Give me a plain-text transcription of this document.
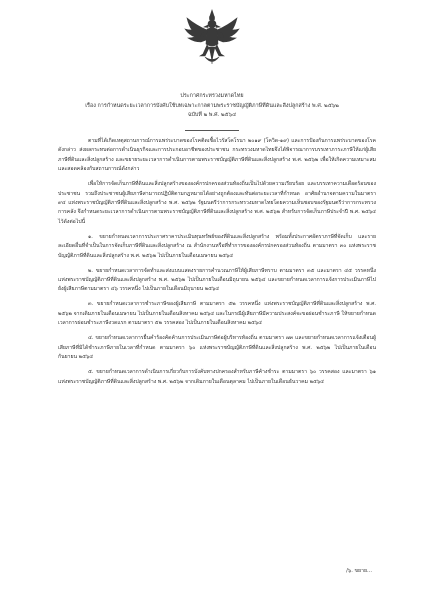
ประกาศกระทรวงมหาดไทย
เรื่อง การกำหนดระยะเวลาการบังคับใช้บทเฉพาะกาลตามพระราชบัญญัติภาษีที่ดินและสิ่งปลูกสร้าง พ.ศ. ๒๕๖๒
ฉบับที่ ๒ พ.ศ. ๒๕๖๔

ตามที่ได้เกิดเหตุสถานการณ์การแพร่ระบาดของโรคติดเชื้อไวรัสโคโรนา ๒๐๑๙ (โควิด-๑๙) และการป้องกันการแพร่ระบาดของโรคดังกล่าว ส่งผลกระทบต่อการดำเนินธุรกิจและการประกอบอาชีพของประชาชน กระทรวงมหาดไทยจึงได้พิจารณาการบรรเทาภาระภาษีให้แก่ผู้เสียภาษีที่ดินและสิ่งปลูกสร้าง และขยายระยะเวลาการดำเนินการตามพระราชบัญญัติภาษีที่ดินและสิ่งปลูกสร้าง พ.ศ. ๒๕๖๒ เพื่อให้เกิดความเหมาะสมและสอดคล้องกับสถานการณ์ดังกล่าว

เพื่อให้การจัดเก็บภาษีที่ดินและสิ่งปลูกสร้างขององค์กรปกครองส่วนท้องถิ่นเป็นไปด้วยความเรียบร้อย และบรรเทาความเดือดร้อนของประชาชน รวมถึงประชาชนผู้เสียภาษีสามารถปฏิบัติตามกฎหมายได้อย่างถูกต้องและทันต่อระยะเวลาที่กำหนด อาศัยอำนาจตามความในมาตรา ๙๔ แห่งพระราชบัญญัติภาษีที่ดินและสิ่งปลูกสร้าง พ.ศ. ๒๕๖๒ รัฐมนตรีว่าการกระทรวงมหาดไทยโดยความเห็นชอบของรัฐมนตรีว่าการกระทรวงการคลัง จึงกำหนดระยะเวลาการดำเนินการตามพระราชบัญญัติภาษีที่ดินและสิ่งปลูกสร้าง พ.ศ. ๒๕๖๒ สำหรับการจัดเก็บภาษีประจำปี พ.ศ. ๒๕๖๔ ไว้ดังต่อไปนี้

๑. ขยายกำหนดเวลาการประกาศราคาประเมินทุนทรัพย์ของที่ดินและสิ่งปลูกสร้าง พร้อมทั้งประกาศอัตราภาษีที่จัดเก็บ และรายละเอียดอื่นที่จำเป็นในการจัดเก็บภาษีที่ดินและสิ่งปลูกสร้าง ณ สำนักงานหรือที่ทำการขององค์กรปกครองส่วนท้องถิ่น ตามมาตรา ๓๐ แห่งพระราชบัญญัติภาษีที่ดินและสิ่งปลูกสร้าง พ.ศ. ๒๕๖๒ ไปเป็นภายในเดือนเมษายน ๒๕๖๔

๒. ขยายกำหนดเวลาการจัดทำและส่งแบบแสดงรายการคำนวณภาษีให้ผู้เสียภาษีทราบ ตามมาตรา ๓๕ และมาตรา ๔๕ วรรคหนึ่ง แห่งพระราชบัญญัติภาษีที่ดินและสิ่งปลูกสร้าง พ.ศ. ๒๕๖๒ ไปเป็นภายในเดือนมิถุนายน ๒๕๖๔ และขยายกำหนดเวลาการแจ้งการประเมินภาษีไปยังผู้เสียภาษีตามมาตรา ๔๖ วรรคหนึ่ง ไปเป็นภายในเดือนมิถุนายน ๒๕๖๔

๓. ขยายกำหนดเวลาการชำระภาษีของผู้เสียภาษี ตามมาตรา ๕๒ วรรคหนึ่ง แห่งพระราชบัญญัติภาษีที่ดินและสิ่งปลูกสร้าง พ.ศ. ๒๕๖๒ จากเดิมภายในเดือนเมษายน ไปเป็นภายในเดือนสิงหาคม ๒๕๖๔ และในกรณีผู้เสียภาษีมีความประสงค์จะขอผ่อนชำระภาษี ให้ขยายกำหนดเวลาการผ่อนชำระภาษีงวดแรก ตามมาตรา ๕๒ วรรคสอง ไปเป็นภายในเดือนสิงหาคม ๒๕๖๔

๔. ขยายกำหนดเวลาการยื่นคำร้องคัดค้านการประเมินภาษีต่อผู้บริหารท้องถิ่น ตามมาตรา ๗๓ และขยายกำหนดเวลาการแจ้งเตือนผู้เสียภาษีที่มิได้ชำระภาษีภายในเวลาที่กำหนด ตามมาตรา ๖๐ แห่งพระราชบัญญัติภาษีที่ดินและสิ่งปลูกสร้าง พ.ศ. ๒๕๖๒ ไปเป็นภายในเดือนกันยายน ๒๕๖๔

๕. ขยายกำหนดเวลาการดำเนินการเกี่ยวกับการบังคับทางปกครองสำหรับภาษีค้างชำระ ตามมาตรา ๖๐ วรรคสอง และมาตรา ๖๑ แห่งพระราชบัญญัติภาษีที่ดินและสิ่งปลูกสร้าง พ.ศ. ๒๕๖๒ จากเดิมภายในเดือนตุลาคม ไปเป็นภายในเดือนธันวาคม ๒๕๖๔

/๖. ขยาย...
